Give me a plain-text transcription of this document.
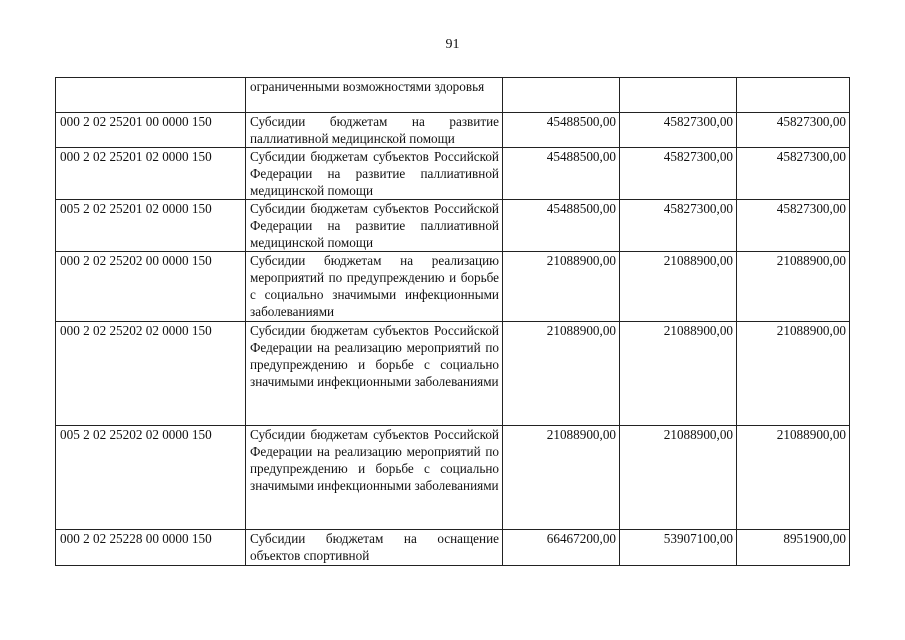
91
	ограниченными возможностями здоровья			
000 2 02 25201 00 0000 150	Субсидии бюджетам на развитие паллиативной медицинской помощи	45488500,00	45827300,00	45827300,00
000 2 02 25201 02 0000 150	Субсидии бюджетам субъектов Российской Федерации на развитие паллиативной медицинской помощи	45488500,00	45827300,00	45827300,00
005 2 02 25201 02 0000 150	Субсидии бюджетам субъектов Российской Федерации на развитие паллиативной медицинской помощи	45488500,00	45827300,00	45827300,00
000 2 02 25202 00 0000 150	Субсидии бюджетам на реализацию мероприятий по предупреждению и борьбе с социально значимыми инфекционными заболеваниями	21088900,00	21088900,00	21088900,00
000 2 02 25202 02 0000 150	Субсидии бюджетам субъектов Российской Федерации на реализацию мероприятий по предупреждению и борьбе с социально значимыми инфекционными заболеваниями	21088900,00	21088900,00	21088900,00
005 2 02 25202 02 0000 150	Субсидии бюджетам субъектов Российской Федерации на реализацию мероприятий по предупреждению и борьбе с социально значимыми инфекционными заболеваниями	21088900,00	21088900,00	21088900,00
000 2 02 25228 00 0000 150	Субсидии бюджетам на оснащение объектов спортивной	66467200,00	53907100,00	8951900,00
